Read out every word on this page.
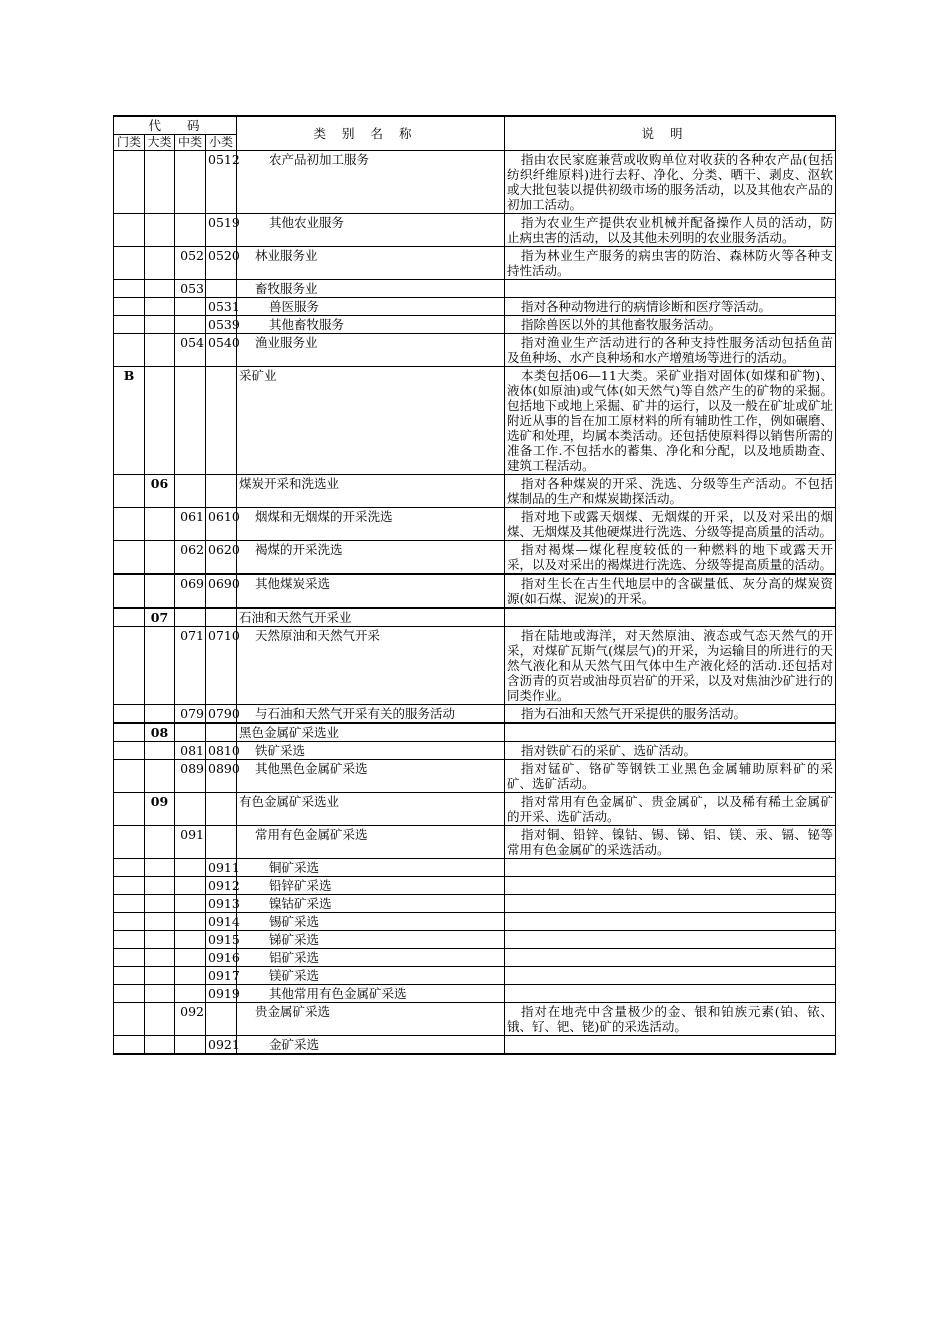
代码				类别名称	说明
门类	大类	中类	小类		
			0512	农产品初加工服务	指由农民家庭兼营或收购单位对收获的各种农产品(包括纺织纤维原料)进行去籽、净化、分类、晒干、剥皮、沤软或大批包装以提供初级市场的服务活动，以及其他农产品的初加工活动。
			0519	其他农业服务	指为农业生产提供农业机械并配备操作人员的活动，防止病虫害的活动，以及其他未列明的农业服务活动。
		052	0520	林业服务业	指为林业生产服务的病虫害的防治、森林防火等各种支持性活动。
		053		畜牧服务业	
			0531	兽医服务	指对各种动物进行的病情诊断和医疗等活动。
			0539	其他畜牧服务	指除兽医以外的其他畜牧服务活动。
		054	0540	渔业服务业	指对渔业生产活动进行的各种支持性服务活动包括鱼苗及鱼种场、水产良种场和水产增殖场等进行的活动。
B				采矿业	本类包括06—11大类。采矿业指对固体(如煤和矿物)、液体(如原油)或气体(如天然气)等自然产生的矿物的采掘。包括地下或地上采掘、矿井的运行，以及一般在矿址或矿址附近从事的旨在加工原材料的所有辅助性工作，例如碾磨、选矿和处理，均属本类活动。还包括使原料得以销售所需的准备工作.不包括水的蓄集、净化和分配，以及地质勘查、建筑工程活动。
	06			煤炭开采和洗选业	指对各种煤炭的开采、洗选、分级等生产活动。不包括煤制品的生产和煤炭勘探活动。
		061	0610	烟煤和无烟煤的开采洗选	指对地下或露天烟煤、无烟煤的开采，以及对采出的烟煤、无烟煤及其他硬煤进行洗选、分级等提高质量的活动。
		062	0620	褐煤的开采洗选	指对褐煤—煤化程度较低的一种燃料的地下或露天开采，以及对采出的褐煤进行洗选、分级等提高质量的活动。
		069	0690	其他煤炭采选	指对生长在古生代地层中的含碳量低、灰分高的煤炭资源(如石煤、泥炭)的开采。
	07			石油和天然气开采业	
		071	0710	天然原油和天然气开采	指在陆地或海洋，对天然原油、液态或气态天然气的开采，对煤矿瓦斯气(煤层气)的开采，为运输目的所进行的天然气液化和从天然气田气体中生产液化烃的活动.还包括对含沥青的页岩或油母页岩矿的开采，以及对焦油沙矿进行的同类作业。
		079	0790	与石油和天然气开采有关的服务活动	指为石油和天然气开采提供的服务活动。
	08			黑色金属矿采选业	
		081	0810	铁矿采选	指对铁矿石的采矿、选矿活动。
		089	0890	其他黑色金属矿采选	指对锰矿、铬矿等钢铁工业黑色金属辅助原料矿的采矿、选矿活动。
	09			有色金属矿采选业	指对常用有色金属矿、贵金属矿，以及稀有稀土金属矿的开采、选矿活动。
		091		常用有色金属矿采选	指对铜、铅锌、镍钴、锡、锑、铝、镁、汞、镉、铋等常用有色金属矿的采选活动。
			0911	铜矿采选	
			0912	铅锌矿采选	
			0913	镍钴矿采选	
			0914	锡矿采选	
			0915	锑矿采选	
			0916	铝矿采选	
			0917	镁矿采选	
			0919	其他常用有色金属矿采选	
		092		贵金属矿采选	指对在地壳中含量极少的金、银和铂族元素(铂、铱、锇、钌、钯、铑)矿的采选活动。
			0921	金矿采选	
